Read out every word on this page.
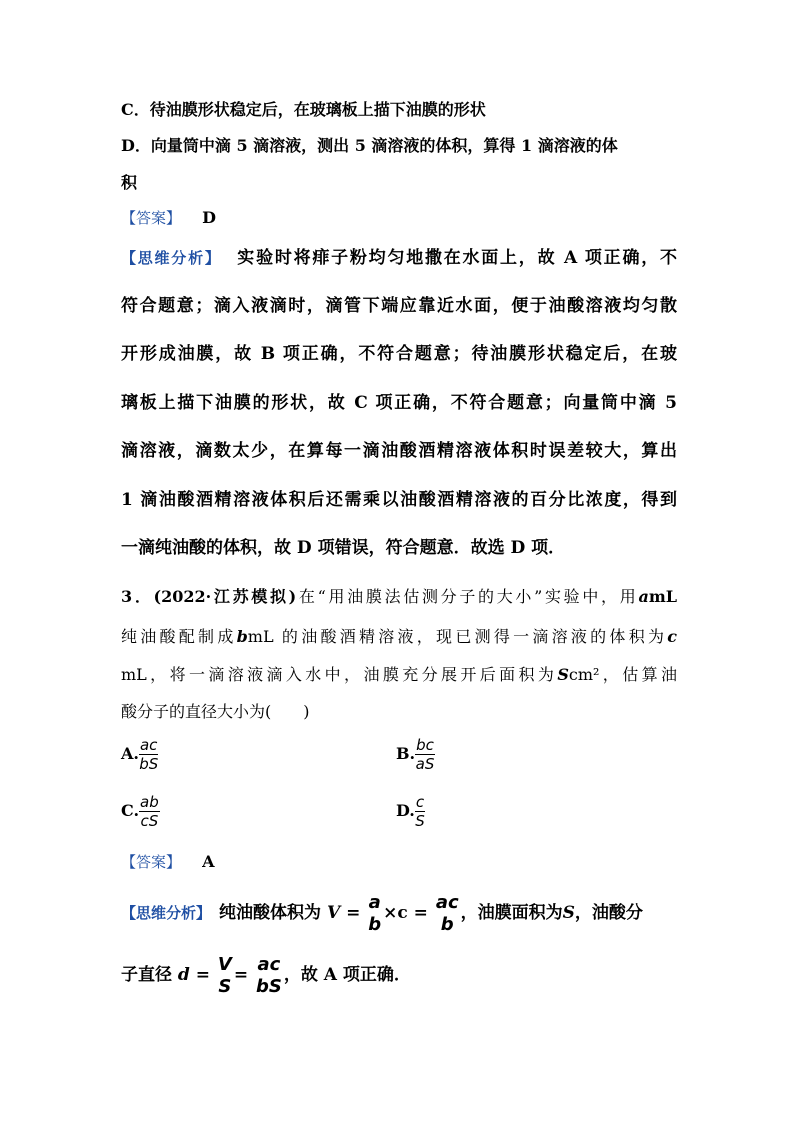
C．待油膜形状稳定后，在玻璃板上描下油膜的形状
D．向量筒中滴 5 滴溶液，测出 5 滴溶液的体积，算得 1 滴溶液的体
积
【答案】 D
【思维分析】 实验时将痱子粉均匀地撒在水面上，故 A 项正确，不
符合题意；滴入液滴时，滴管下端应靠近水面，便于油酸溶液均匀散
开形成油膜，故 B 项正确，不符合题意；待油膜形状稳定后，在玻
璃板上描下油膜的形状，故 C 项正确，不符合题意；向量筒中滴 5
滴溶液，滴数太少，在算每一滴油酸酒精溶液体积时误差较大，算出
1 滴油酸酒精溶液体积后还需乘以油酸酒精溶液的百分比浓度，得到
一滴纯油酸的体积，故 D 项错误，符合题意．故选 D 项．
3．(2022·江苏模拟)在“用油膜法估测分子的大小”实验中，用amL
纯油酸配制成bmL 的油酸酒精溶液，现已测得一滴溶液的体积为c
mL，将一滴溶液滴入水中，油膜充分展开后面积为Scm²，估算油
酸分子的直径大小为(　　)
A. $\frac{ac}{bS}$	B. $\frac{bc}{aS}$
C. $\frac{ab}{cS}$	D. $\frac{c}{S}$
【答案】 A
【思维分析】 纯油酸体积为 V =
a
b
×c =
ac
b
，油膜面积为S，油酸分
子直径 d =
V
S
=
ac
bS
，故 A 项正确．
